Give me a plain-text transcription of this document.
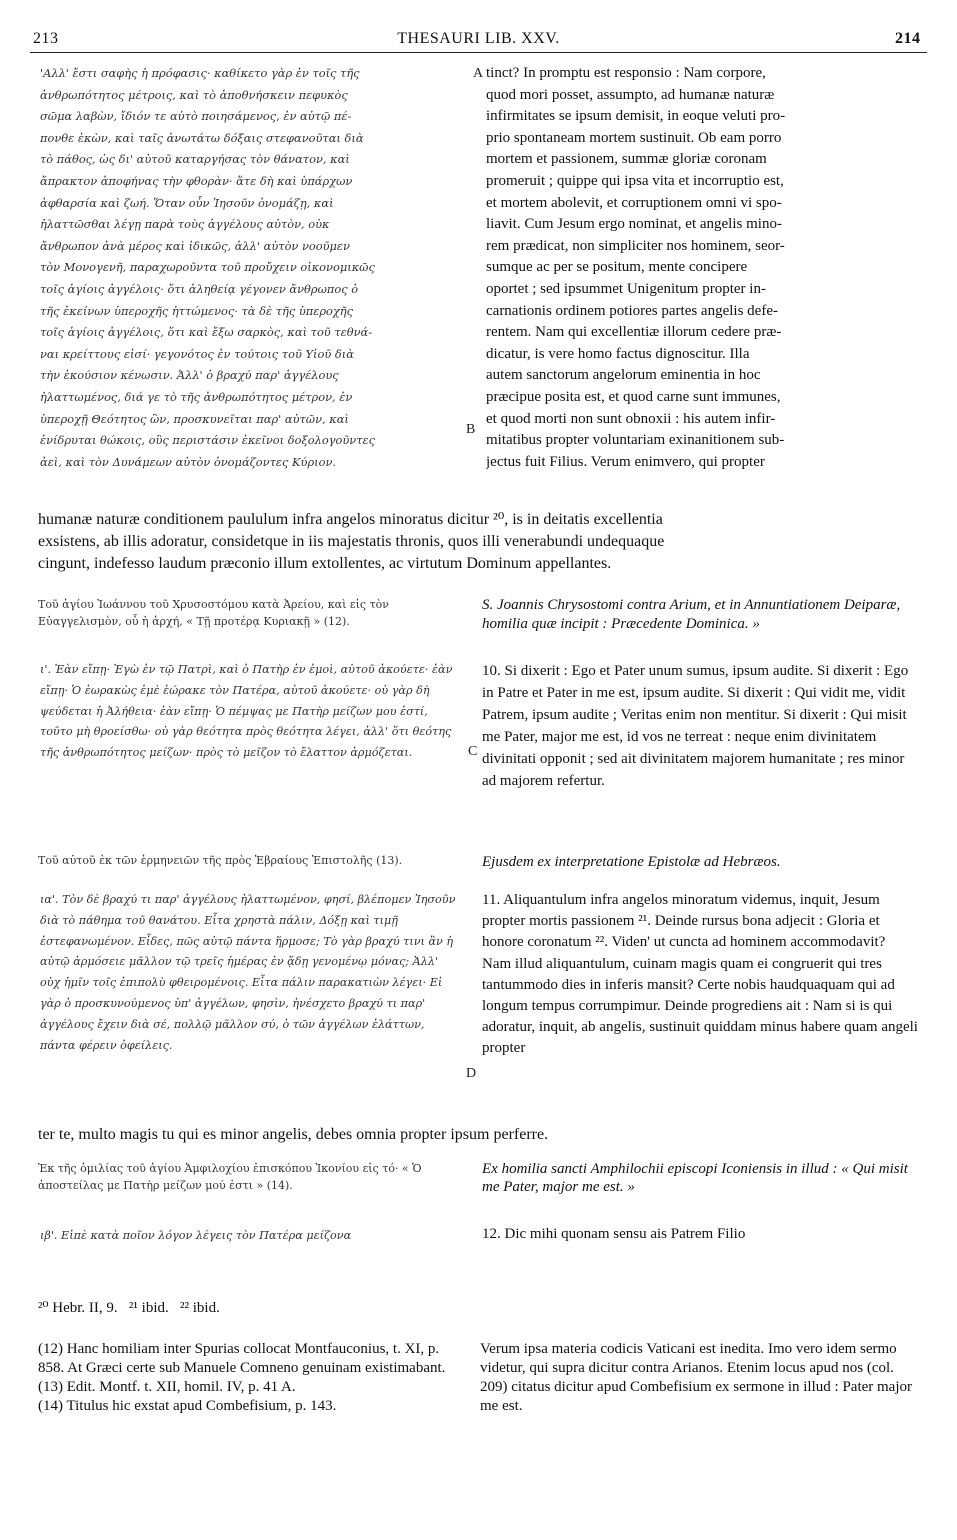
213	THESAURI LIB. XXV.	214
'Αλλ' ἔστι σαφὴς ἡ πρόφασις· καθίκετο γὰρ ἐν τοῖς τῆς
ἀνθρωπότητος μέτροις, καὶ τὸ ἀποθνήσκειν πεφυκὸς
σῶμα λαβὼν, ἴδιόν τε αὐτὸ ποιησάμενος, ἐν αὐτῷ πέ-
πονθε ἑκὼν, καὶ ταῖς ἀνωτάτω δόξαις στεφανοῦται διὰ
τὸ πάθος, ὡς δι' αὐτοῦ καταργήσας τὸν θάνατον, καὶ
ἄπρακτον ἀποφήνας τὴν φθορὰν· ἅτε δὴ καὶ ὑπάρχων
ἀφθαρσία καὶ ζωή. Ὅταν οὖν Ἰησοῦν ὀνομάζῃ, καὶ
ἠλαττῶσθαι λέγῃ παρὰ τοὺς ἀγγέλους αὐτὸν, οὐκ
ἄνθρωπον ἀνὰ μέρος καὶ ἰδικῶς, ἀλλ' αὐτὸν νοοῦμεν
τὸν Μονογενῆ, παραχωροῦντα τοῦ προὔχειν οἰκονομικῶς
τοῖς ἁγίοις ἀγγέλοις· ὅτι ἀληθείᾳ γέγονεν ἄνθρωπος ὁ
τῆς ἐκείνων ὑπεροχῆς ἡττώμενος· τὰ δὲ τῆς ὑπεροχῆς
τοῖς ἁγίοις ἀγγέλοις, ὅτι καὶ ἔξω σαρκὸς, καὶ τοῦ τεθνά-
ναι κρείττους εἰσί· γεγονότος ἐν τούτοις τοῦ Υἱοῦ διὰ
τὴν ἑκούσιον κένωσιν. Ἀλλ' ὁ βραχύ παρ' ἀγγέλους
ἠλαττωμένος, διά γε τὸ τῆς ἀνθρωπότητος μέτρον, ἐν
ὑπεροχῇ Θεότητος ὢν, προσκυνεῖται παρ' αὐτῶν, καὶ
ἐνίδρυται θώκοις, οὓς περιστάσιν ἐκεῖνοι δοξολογοῦντες
ἀεὶ, καὶ τὸν Δυνάμεων αὐτὸν ὀνομάζοντες Κύριον.
A
B
C
D
tinct? In promptu est responsio : Nam corpore,
quod mori posset, assumpto, ad humanæ naturæ
infirmitates se ipsum demisit, in eoque veluti pro-
prio spontaneam mortem sustinuit. Ob eam porro
mortem et passionem, summæ gloriæ coronam
promeruit ; quippe qui ipsa vita et incorruptio est,
et mortem abolevit, et corruptionem omni vi spo-
liavit. Cum Jesum ergo nominat, et angelis mino-
rem prædicat, non simpliciter nos hominem, seor-
sumque ac per se positum, mente concipere
oportet ; sed ipsummet Unigenitum propter in-
carnationis ordinem potiores partes angelis defe-
rentem. Nam qui excellentiæ illorum cedere præ-
dicatur, is vere homo factus dignoscitur. Illa
autem sanctorum angelorum eminentia in hoc
præcipue posita est, et quod carne sunt immunes,
et quod morti non sunt obnoxii : his autem infir-
mitatibus propter voluntariam exinanitionem sub-
jectus fuit Filius. Verum enimvero, qui propter
humanæ naturæ conditionem paululum infra angelos minoratus dicitur ²⁰, is in deitatis excellentia
exsistens, ab illis adoratur, considetque in iis majestatis thronis, quos illi venerabundi undequaque
cingunt, indefesso laudum præconio illum extollentes, ac virtutum Dominum appellantes.

Τοῦ ἁγίου Ἰωάννου τοῦ Χρυσοστόμου κατὰ Ἀρείου, καὶ εἰς τὸν Εὐαγγελισμὸν, οὗ ἡ ἀρχή, « Τῇ προτέρᾳ Κυριακῇ » (12).

S. Joannis Chrysostomi contra Arium, et in Annuntiationem Deiparæ, homilia quæ incipit : Præcedente Dominica. »

ι'. Ἐὰν εἴπῃ· Ἐγὼ ἐν τῷ Πατρὶ, καὶ ὁ Πατὴρ ἐν ἐμοὶ, αὐτοῦ ἀκούετε· ἐὰν εἴπῃ· Ὁ ἑωρακὼς ἐμὲ ἑώρακε τὸν Πατέρα, αὐτοῦ ἀκούετε· οὐ γὰρ δὴ ψεύδεται ἡ Ἀλήθεια· ἐὰν εἴπῃ· Ὁ πέμψας με Πατὴρ μείζων μου ἐστί, τοῦτο μὴ θροείσθω· οὐ γὰρ θεότητα πρὸς θεότητα λέγει, ἀλλ' ὅτι θεότης τῆς ἀνθρωπότητος μείζων· πρὸς τὸ μεῖζον τὸ ἔλαττον ἁρμόζεται.

10. Si dixerit : Ego et Pater unum sumus, ipsum audite. Si dixerit : Ego in Patre et Pater in me est, ipsum audite. Si dixerit : Qui vidit me, vidit Patrem, ipsum audite ; Veritas enim non mentitur. Si dixerit : Qui misit me Pater, major me est, id vos ne terreat : neque enim divinitatem divinitati opponit ; sed ait divinitatem majorem humanitate ; res minor ad majorem refertur.

Τοῦ αὐτοῦ ἐκ τῶν ἑρμηνειῶν τῆς πρὸς Ἑβραίους Ἐπιστολῆς (13).	Ejusdem ex interpretatione Epistolæ ad Hebræos.

ια'. Τὸν δὲ βραχύ τι παρ' ἀγγέλους ἠλαττωμένον, φησί, βλέπομεν Ἰησοῦν διὰ τὸ πάθημα τοῦ θανάτου. Εἶτα χρηστὰ πάλιν, Δόξῃ καὶ τιμῇ ἐστεφανωμένον. Εἶδες, πῶς αὐτῷ πάντα ἥρμοσε; Τὸ γὰρ βραχύ τινι ἂν ἡ αὐτῷ ἁρμόσειε μᾶλλον τῷ τρεῖς ἡμέρας ἐν ᾅδῃ γενομένῳ μόνας; Ἀλλ' οὐχ ἡμῖν τοῖς ἐπιπολὺ φθειρομένοις. Εἶτα πάλιν παρακατιὼν λέγει· Εἰ γὰρ ὁ προσκυνούμενος ὑπ' ἀγγέλων, φησὶν, ἠνέσχετο βραχύ τι παρ' ἀγγέλους ἔχειν διὰ σέ, πολλῷ μᾶλλον σύ, ὁ τῶν ἀγγέλων ἐλάττων, πάντα φέρειν ὀφείλεις.

11. Aliquantulum infra angelos minoratum videmus, inquit, Jesum propter mortis passionem ²¹. Deinde rursus bona adjecit : Gloria et honore coronatum ²². Viden' ut cuncta ad hominem accommodavit? Nam illud aliquantulum, cuinam magis quam ei congruerit qui tres tantummodo dies in inferis mansit? Certe nobis haudquaquam qui ad longum tempus corrumpimur. Deinde progrediens ait : Nam si is qui adoratur, inquit, ab angelis, sustinuit quiddam minus habere quam angeli propter

ter te, multo magis tu qui es minor angelis, debes omnia propter ipsum perferre.

Ἐκ τῆς ὁμιλίας τοῦ ἁγίου Ἀμφιλοχίου ἐπισκόπου Ἰκονίου εἰς τό· « Ὁ ἀποστείλας με Πατὴρ μείζων μού ἐστι » (14).

Ex homilia sancti Amphilochii episcopi Iconiensis in illud : « Qui misit me Pater, major me est. »

ιβ'. Εἰπὲ κατὰ ποῖον λόγον λέγεις τὸν Πατέρα μείζονα	12. Dic mihi quonam sensu ais Patrem Filio

²⁰ Hebr. II, 9.   ²¹ ibid.   ²² ibid.

(12) Hanc homiliam inter Spurias collocat Montfauconius, t. XI, p. 858. At Græci certe sub Manuele Comneno genuinam existimabant.

(13) Edit. Montf. t. XII, homil. IV, p. 41 A.

(14) Titulus hic exstat apud Combefisium, p. 143.

Verum ipsa materia codicis Vaticani est inedita. Imo vero idem sermo videtur, qui supra dicitur contra Arianos. Etenim locus apud nos (col. 209) citatus dicitur apud Combefisium ex sermone in illud : Pater major me est.
